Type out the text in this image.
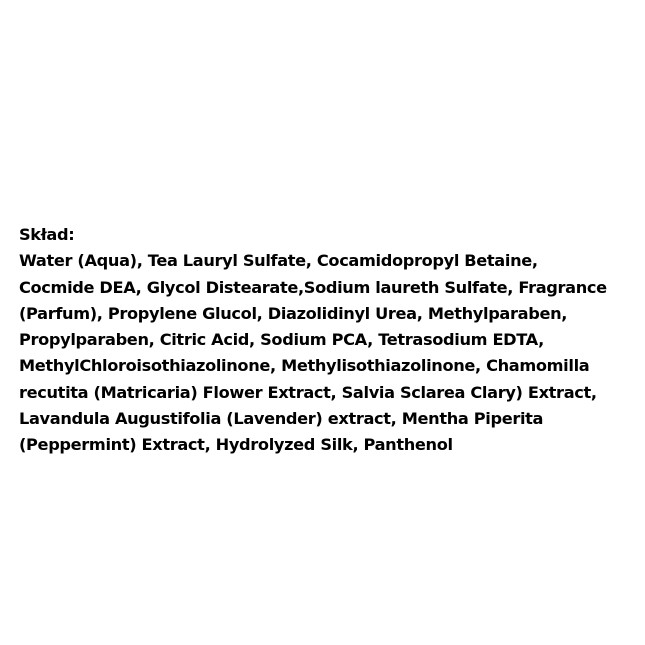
Skład:
Water (Aqua), Tea Lauryl Sulfate, Cocamidopropyl Betaine,
Cocmide DEA, Glycol Distearate,Sodium laureth Sulfate, Fragrance
(Parfum), Propylene Glucol, Diazolidinyl Urea, Methylparaben,
Propylparaben, Citric Acid, Sodium PCA, Tetrasodium EDTA,
MethylChloroisothiazolinone, Methylisothiazolinone, Chamomilla
recutita (Matricaria) Flower Extract, Salvia Sclarea Clary) Extract,
Lavandula Augustifolia (Lavender) extract, Mentha Piperita
(Peppermint) Extract, Hydrolyzed Silk, Panthenol
